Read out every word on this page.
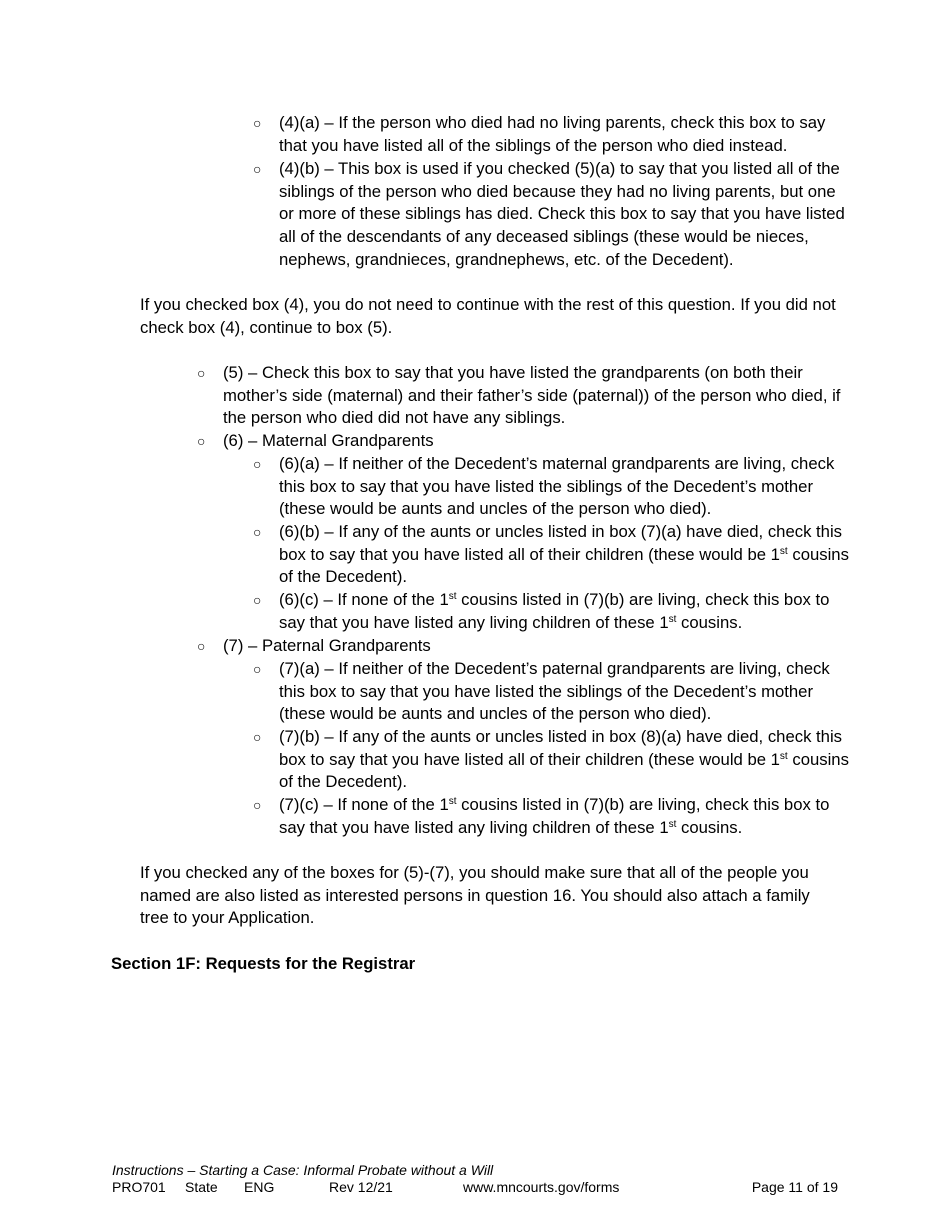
○	(4)(a) – If the person who died had no living parents, check this box to say that you have listed all of the siblings of the person who died instead.
○	(4)(b) – This box is used if you checked (5)(a) to say that you listed all of the siblings of the person who died because they had no living parents, but one or more of these siblings has died. Check this box to say that you have listed all of the descendants of any deceased siblings (these would be nieces, nephews, grandnieces, grandnephews, etc. of the Decedent).
If you checked box (4), you do not need to continue with the rest of this question. If you did not check box (4), continue to box (5).
○	(5) – Check this box to say that you have listed the grandparents (on both their mother’s side (maternal) and their father’s side (paternal)) of the person who died, if the person who died did not have any siblings.
○	(6) – Maternal Grandparents
○	(6)(a) – If neither of the Decedent’s maternal grandparents are living, check this box to say that you have listed the siblings of the Decedent’s mother (these would be aunts and uncles of the person who died).
○	(6)(b) – If any of the aunts or uncles listed in box (7)(a) have died, check this box to say that you have listed all of their children (these would be 1st cousins of the Decedent).
○	(6)(c) – If none of the 1st cousins listed in (7)(b) are living, check this box to say that you have listed any living children of these 1st cousins.
○	(7) – Paternal Grandparents
○	(7)(a) – If neither of the Decedent’s paternal grandparents are living, check this box to say that you have listed the siblings of the Decedent’s mother (these would be aunts and uncles of the person who died).
○	(7)(b) – If any of the aunts or uncles listed in box (8)(a) have died, check this box to say that you have listed all of their children (these would be 1st cousins of the Decedent).
○	(7)(c) – If none of the 1st cousins listed in (7)(b) are living, check this box to say that you have listed any living children of these 1st cousins.
If you checked any of the boxes for (5)-(7), you should make sure that all of the people you named are also listed as interested persons in question 16. You should also attach a family tree to your Application.
Section 1F: Requests for the Registrar
Instructions – Starting a Case: Informal Probate without a Will
PRO701 State ENG	Rev 12/21	www.mncourts.gov/forms	Page 11 of 19
